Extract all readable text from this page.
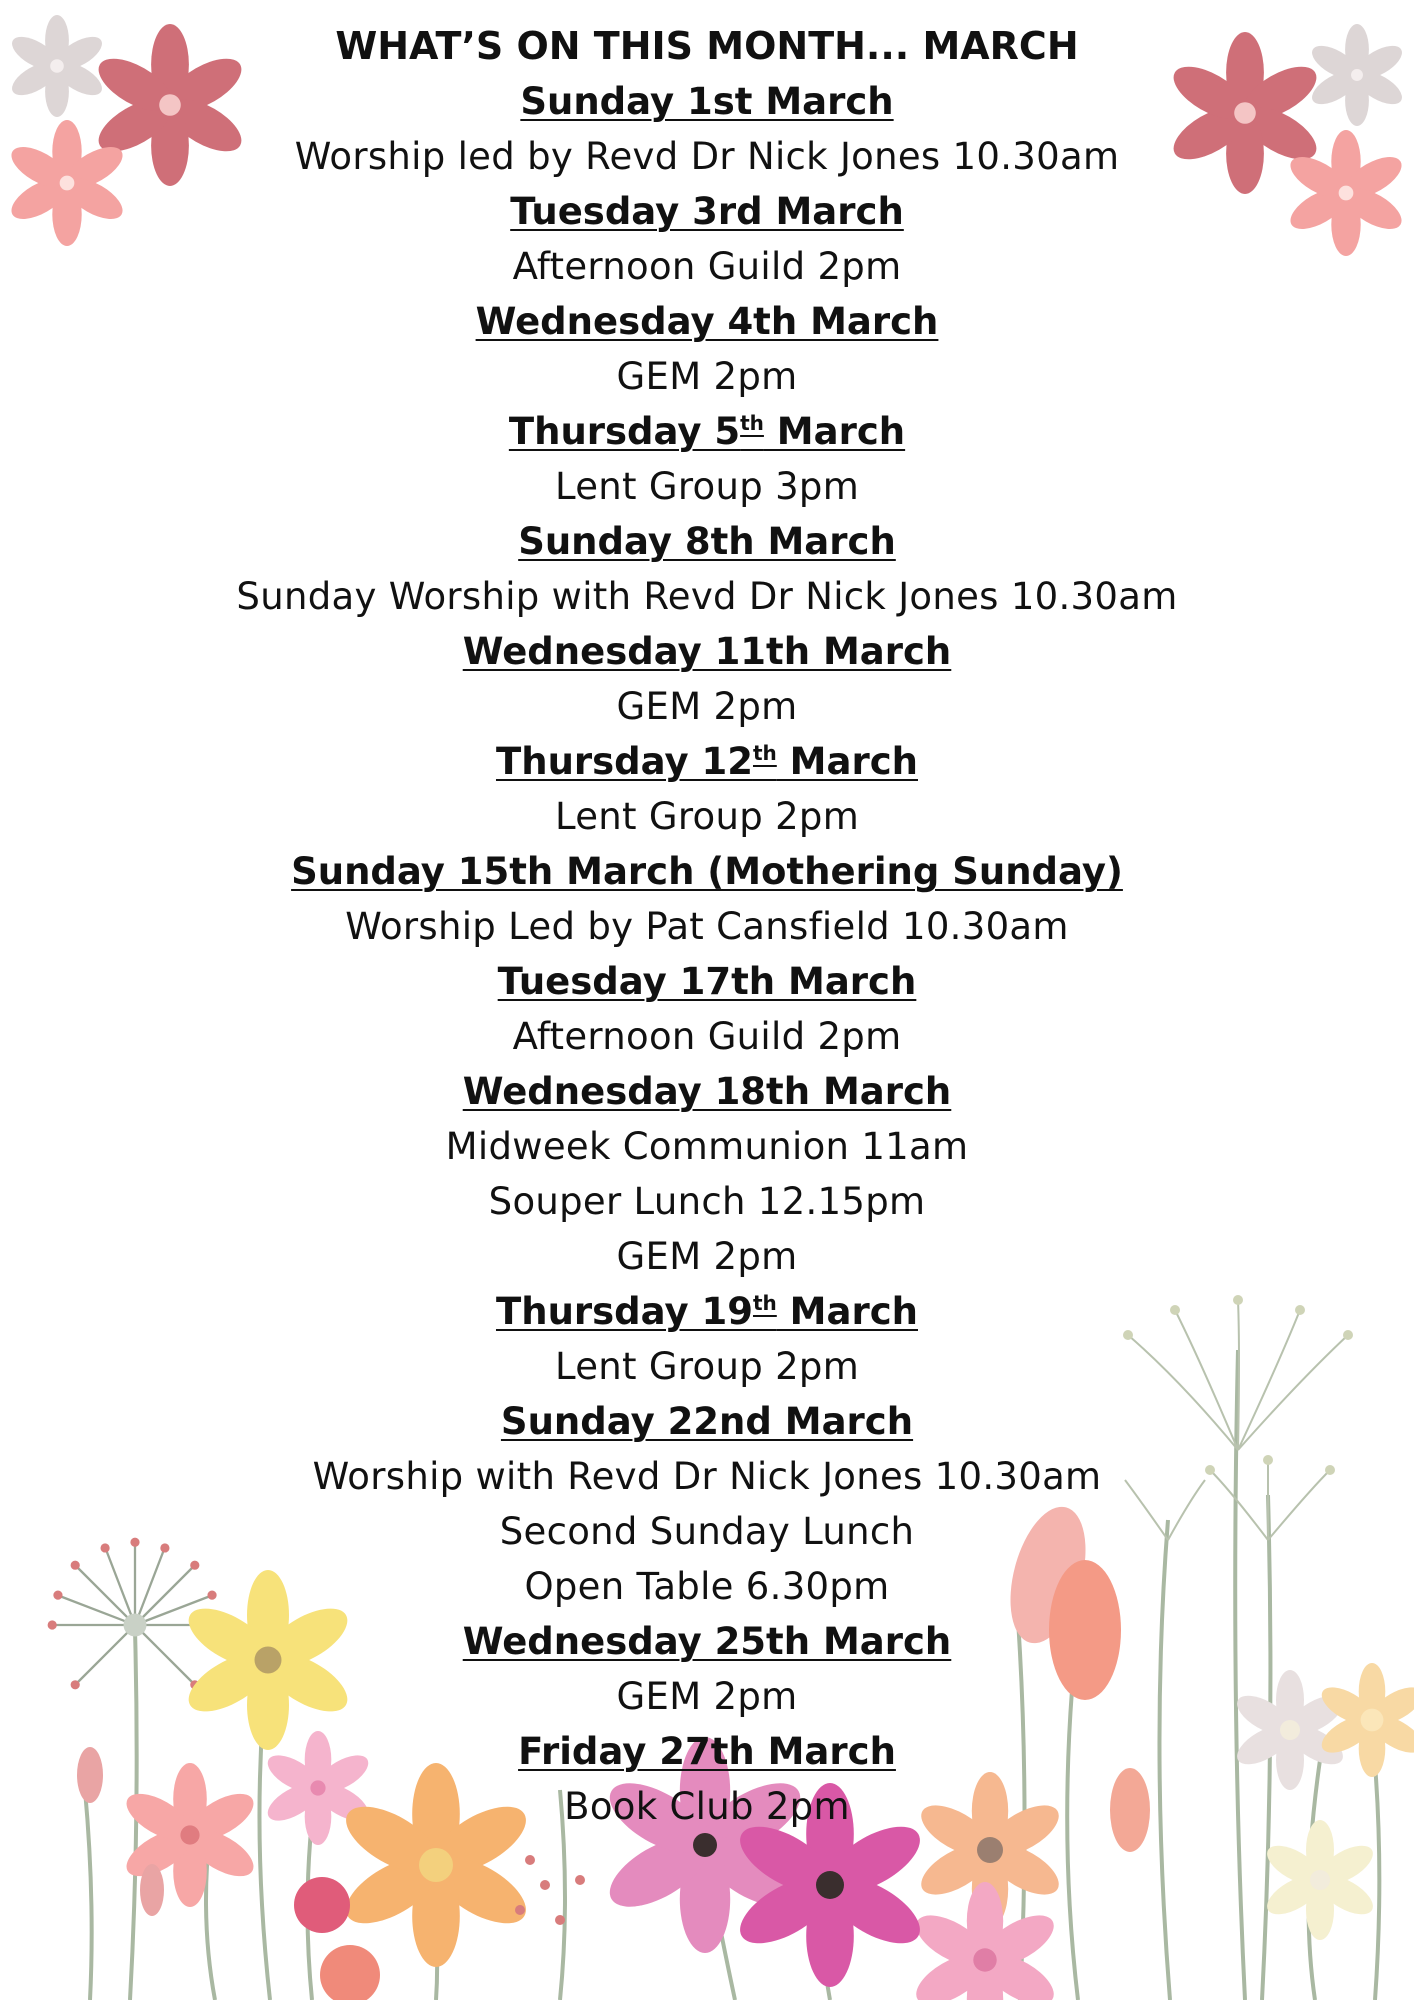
WHAT’S ON THIS MONTH... MARCH

Sunday 1st March

Worship led by Revd Dr Nick Jones 10.30am

Tuesday 3rd March

Afternoon Guild 2pm

Wednesday 4th March

GEM 2pm

Thursday 5th March

Lent Group 3pm

Sunday 8th March

Sunday Worship with Revd Dr Nick Jones 10.30am

Wednesday 11th March

GEM 2pm

Thursday 12th March

Lent Group 2pm

Sunday 15th March (Mothering Sunday)

Worship Led by Pat Cansfield 10.30am

Tuesday 17th March

Afternoon Guild 2pm

Wednesday 18th March

Midweek Communion 11am

Souper Lunch 12.15pm

GEM 2pm

Thursday 19th March

Lent Group 2pm

Sunday 22nd March

Worship with Revd Dr Nick Jones 10.30am

Second Sunday Lunch

Open Table 6.30pm

Wednesday 25th March

GEM 2pm

Friday 27th March

Book Club 2pm
